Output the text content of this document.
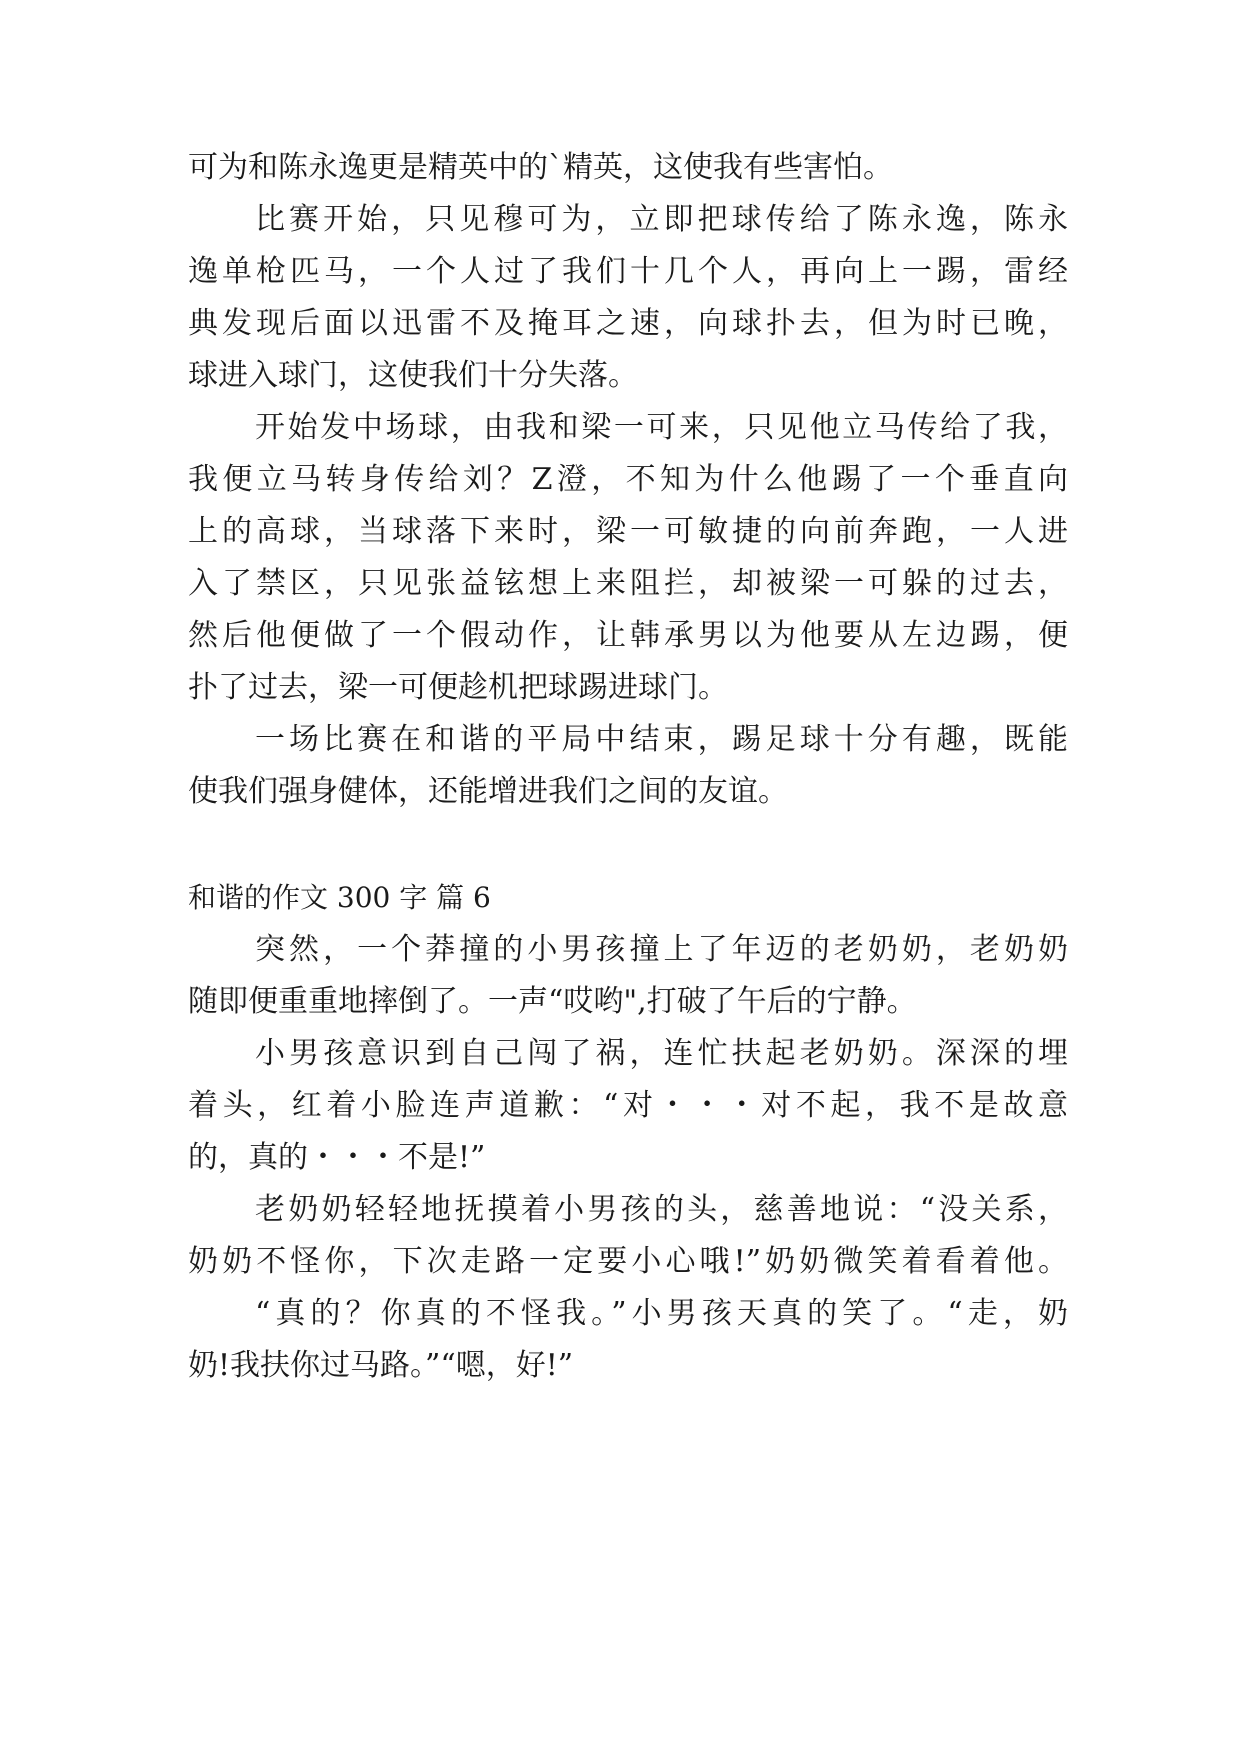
可为和陈永逸更是精英中的`精英，这使我有些害怕。
比赛开始，只见穆可为，立即把球传给了陈永逸，陈永
逸单枪匹马，一个人过了我们十几个人，再向上一踢，雷经
典发现后面以迅雷不及掩耳之速，向球扑去，但为时已晚，
球进入球门，这使我们十分失落。
开始发中场球，由我和梁一可来，只见他立马传给了我，
我便立马转身传给刘？Z澄，不知为什么他踢了一个垂直向
上的高球，当球落下来时，梁一可敏捷的向前奔跑，一人进
入了禁区，只见张益铉想上来阻拦，却被梁一可躲的过去，
然后他便做了一个假动作，让韩承男以为他要从左边踢，便
扑了过去，梁一可便趁机把球踢进球门。
一场比赛在和谐的平局中结束，踢足球十分有趣，既能
使我们强身健体，还能增进我们之间的友谊。
和谐的作文 300 字 篇 6
突然，一个莽撞的小男孩撞上了年迈的老奶奶，老奶奶
随即便重重地摔倒了。一声“哎哟",打破了午后的宁静。
小男孩意识到自己闯了祸，连忙扶起老奶奶。深深的埋
着头，红着小脸连声道歉：“对・・・对不起，我不是故意
的，真的・・・不是!”
老奶奶轻轻地抚摸着小男孩的头，慈善地说：“没关系，
奶奶不怪你，下次走路一定要小心哦!”奶奶微笑着看着他。
“真的？你真的不怪我。”小男孩天真的笑了。“走，奶
奶!我扶你过马路。”“嗯，好!”
